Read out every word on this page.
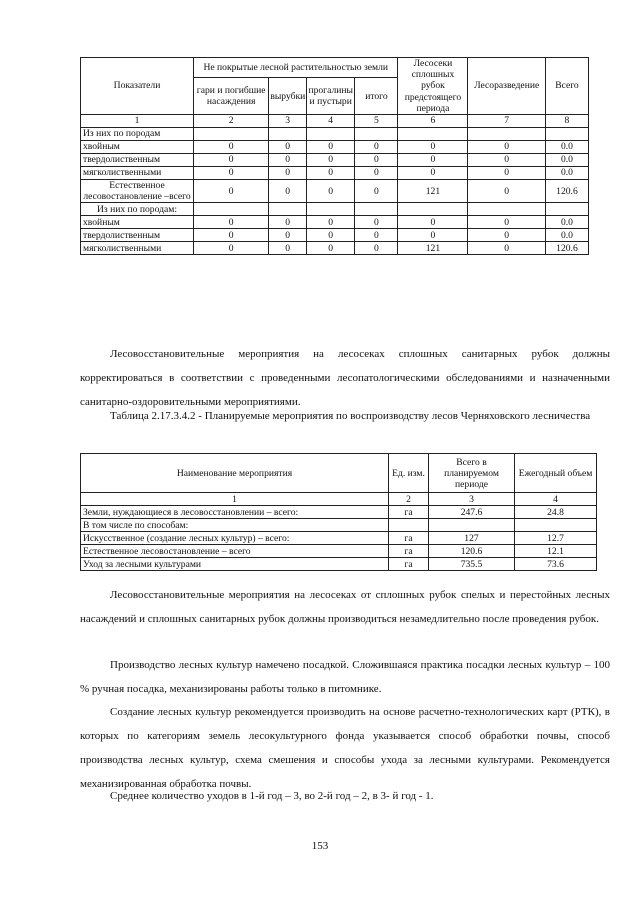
Показатели	Не покрытые лесной растительностью земли				Лесосеки сплошных рубок предстоящего периода	Лесоразведение	Всего
	гари и погибшие насаждения	вырубки	прогалины и пустыри	итого			
1	2	3	4	5	6	7	8
Из них по породам							
хвойным	0	0	0	0	0	0	0.0
твердолиственным	0	0	0	0	0	0	0.0
мягколиственными	0	0	0	0	0	0	0.0
Естественное лесовостановление –всего	0	0	0	0	121	0	120.6
Из них по породам:							
хвойным	0	0	0	0	0	0	0.0
твердолиственным	0	0	0	0	0	0	0.0
мягколиственными	0	0	0	0	121	0	120.6
Лесовосстановительные мероприятия на лесосеках сплошных санитарных рубок должны корректироваться в соответствии с проведенными лесопатологическими обследованиями и назначенными санитарно-оздоровительными мероприятиями.
Таблица 2.17.3.4.2 - Планируемые мероприятия по воспроизводству лесов Черняховского лесничества
Наименование мероприятия	Ед. изм.	Всего в планируемом периоде	Ежегодный объем
1	2	3	4
Земли, нуждающиеся в лесовосстановлении – всего:	га	247.6	24.8
В том числе по способам:			
Искусственное (создание лесных культур) – всего:	га	127	12.7
Естественное лесовостановление – всего	га	120.6	12.1
Уход за лесными культурами	га	735.5	73.6
Лесовосстановительные мероприятия на лесосеках от сплошных рубок спелых и перестойных лесных насаждений и сплошных санитарных рубок должны производиться незамедлительно после проведения рубок.
Производство лесных культур намечено посадкой. Сложившаяся практика посадки лесных культур – 100 % ручная посадка, механизированы работы только в питомнике.
Создание лесных культур рекомендуется производить на основе расчетно-технологических карт (РТК), в которых по категориям земель лесокультурного фонда указывается способ обработки почвы, способ производства лесных культур, схема смешения и способы ухода за лесными культурами. Рекомендуется механизированная обработка почвы.
Среднее количество уходов в 1-й год – 3, во 2-й год – 2, в 3- й год - 1.
153
